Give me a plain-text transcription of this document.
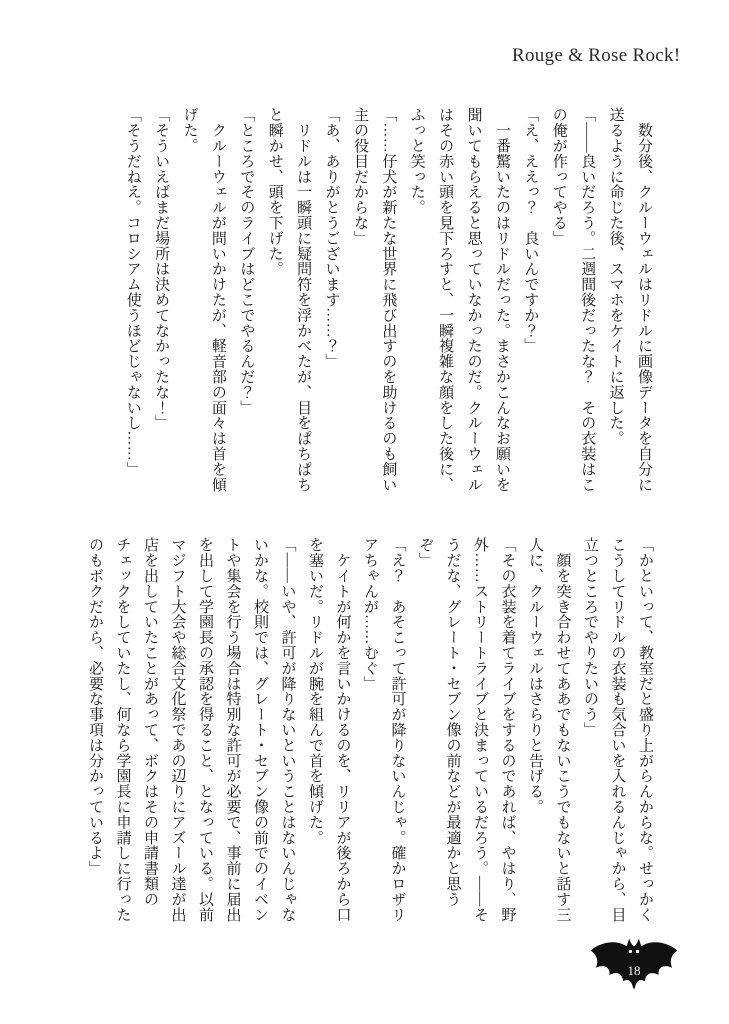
Rouge & Rose Rock!

　数分後、クルーウェルはリドルに画像データを自分に送るように命じた後、スマホをケイトに返した。

「――良いだろう。二週間後だったな？　その衣装はこの俺が作ってやる」

「え、ええっ？　良いんですか？」

　一番驚いたのはリドルだった。まさかこんなお願いを聞いてもらえると思っていなかったのだ。クルーウェルはその赤い頭を見下ろすと、一瞬複雑な顔をした後に、ふっと笑った。

「……仔犬が新たな世界に飛び出すのを助けるのも飼い主の役目だからな」

「あ、ありがとうございます……？」

　リドルは一瞬頭に疑問符を浮かべたが、目をぱちぱちと瞬かせ、頭を下げた。

「ところでそのライブはどこでやるんだ？」

　クルーウェルが問いかけたが、軽音部の面々は首を傾げた。

「そういえばまだ場所は決めてなかったな！」

「そうだねえ。コロシアム使うほどじゃないし……」

「かといって、教室だと盛り上がらんからな。せっかくこうしてリドルの衣装も気合いを入れるんじゃから、目立つところでやりたいのう」

　顔を突き合わせてああでもないこうでもないと話す三人に、クルーウェルはさらりと告げる。

「その衣装を着てライブをするのであれば、やはり、野外……ストリートライブと決まっているだろう。――そうだな、グレート・セブン像の前などが最適かと思うぞ」

「え？　あそこって許可が降りないんじゃ。確かロザリアちゃんが……むぐ」

　ケイトが何かを言いかけるのを、リリアが後ろから口を塞いだ。リドルが腕を組んで首を傾げた。

「――いや、許可が降りないということはないんじゃないかな。校則では、グレート・セブン像の前でのイベントや集会を行う場合は特別な許可が必要で、事前に届出を出して学園長の承認を得ること、となっている。以前マジフト大会や総合文化祭であの辺りにアズール達が出店を出していたことがあって、ボクはその申請書類のチェックをしていたし、何なら学園長に申請しに行ったのもボクだから、必要な事項は分かっているよ」

18
